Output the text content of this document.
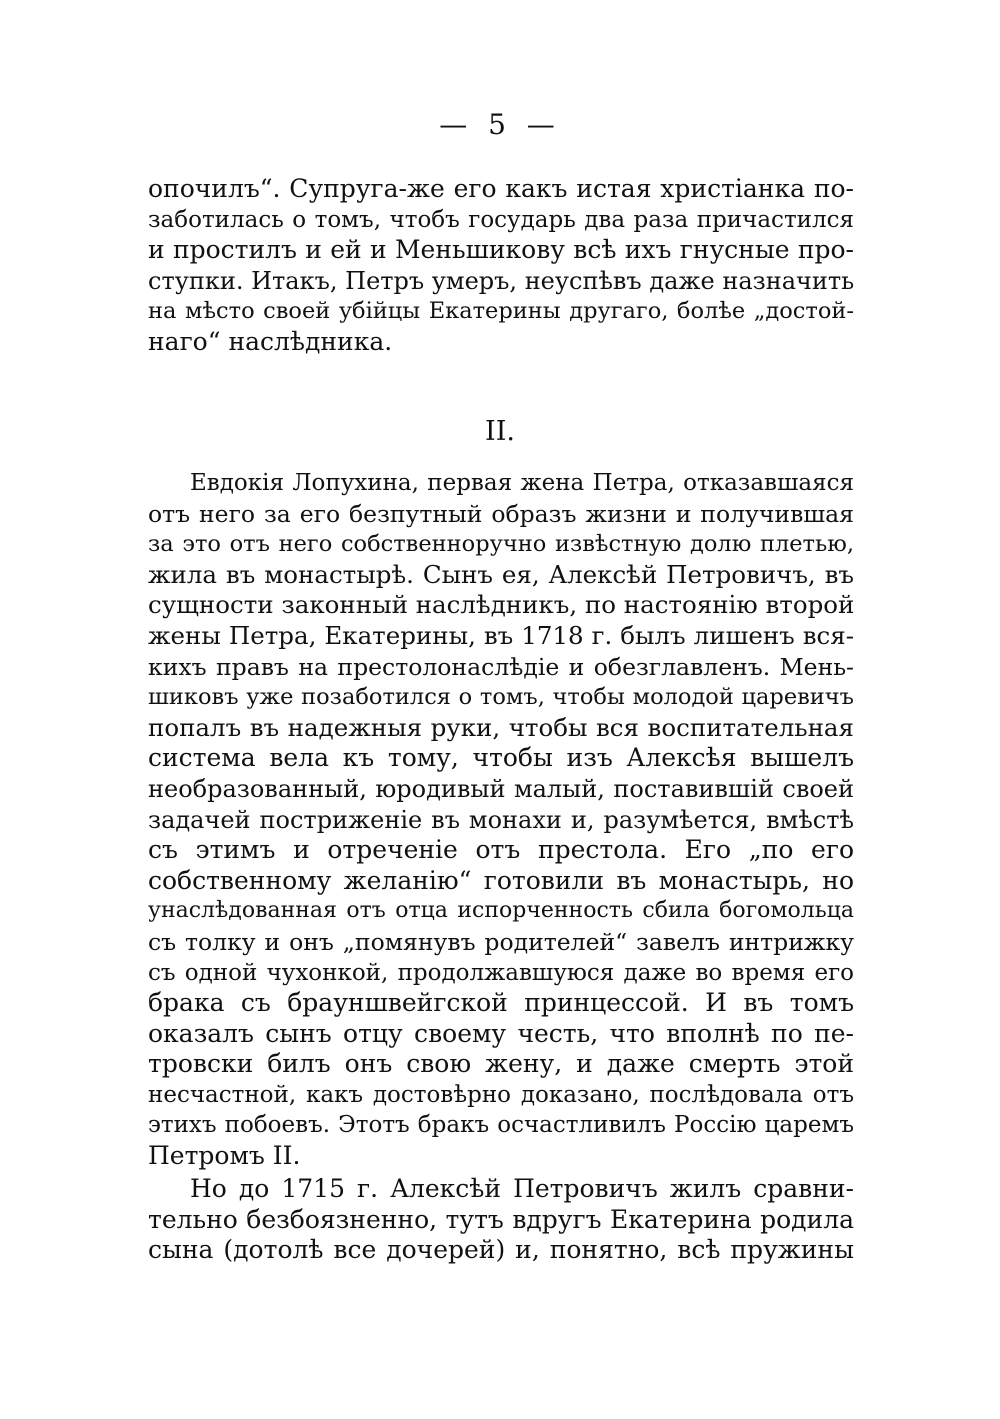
— 5 —
опочилъ“. Супруга-же его какъ истая христіанка по-
заботилась о томъ, чтобъ государь два раза причастился
и простилъ и ей и Меньшикову всѣ ихъ гнусные про-
ступки. Итакъ, Петръ умеръ, неуспѣвъ даже назначить
на мѣсто своей убійцы Екатерины другаго, болѣе „достой-
наго“ наслѣдника.
II.
Евдокія Лопухина, первая жена Петра, отказавшаяся
отъ него за его безпутный образъ жизни и получившая
за это отъ него собственноручно извѣстную долю плетью,
жила въ монастырѣ. Сынъ ея, Алексѣй Петровичъ, въ
сущности законный наслѣдникъ, по настоянію второй
жены Петра, Екатерины, въ 1718 г. былъ лишенъ вся-
кихъ правъ на престолонаслѣдіе и обезглавленъ. Мень-
шиковъ уже позаботился о томъ, чтобы молодой царевичъ
попалъ въ надежныя руки, чтобы вся воспитательная
система вела къ тому, чтобы изъ Алексѣя вышелъ
необразованный, юродивый малый, поставившій своей
задачей постриженіе въ монахи и, разумѣется, вмѣстѣ
съ этимъ и отреченіе отъ престола. Его „по его
собственному желанію“ готовили въ монастырь, но
унаслѣдованная отъ отца испорченность сбила богомольца
съ толку и онъ „помянувъ родителей“ завелъ интрижку
съ одной чухонкой, продолжавшуюся даже во время его
брака съ брауншвейгской принцессой. И въ томъ
оказалъ сынъ отцу своему честь, что вполнѣ по пе-
тровски билъ онъ свою жену, и даже смерть этой
несчастной, какъ достовѣрно доказано, послѣдовала отъ
этихъ побоевъ. Этотъ бракъ осчастливилъ Россію царемъ
Петромъ II.
Но до 1715 г. Алексѣй Петровичъ жилъ сравни-
тельно безбоязненно, тутъ вдругъ Екатерина родила
сына (дотолѣ все дочерей) и, понятно, всѣ пружины
